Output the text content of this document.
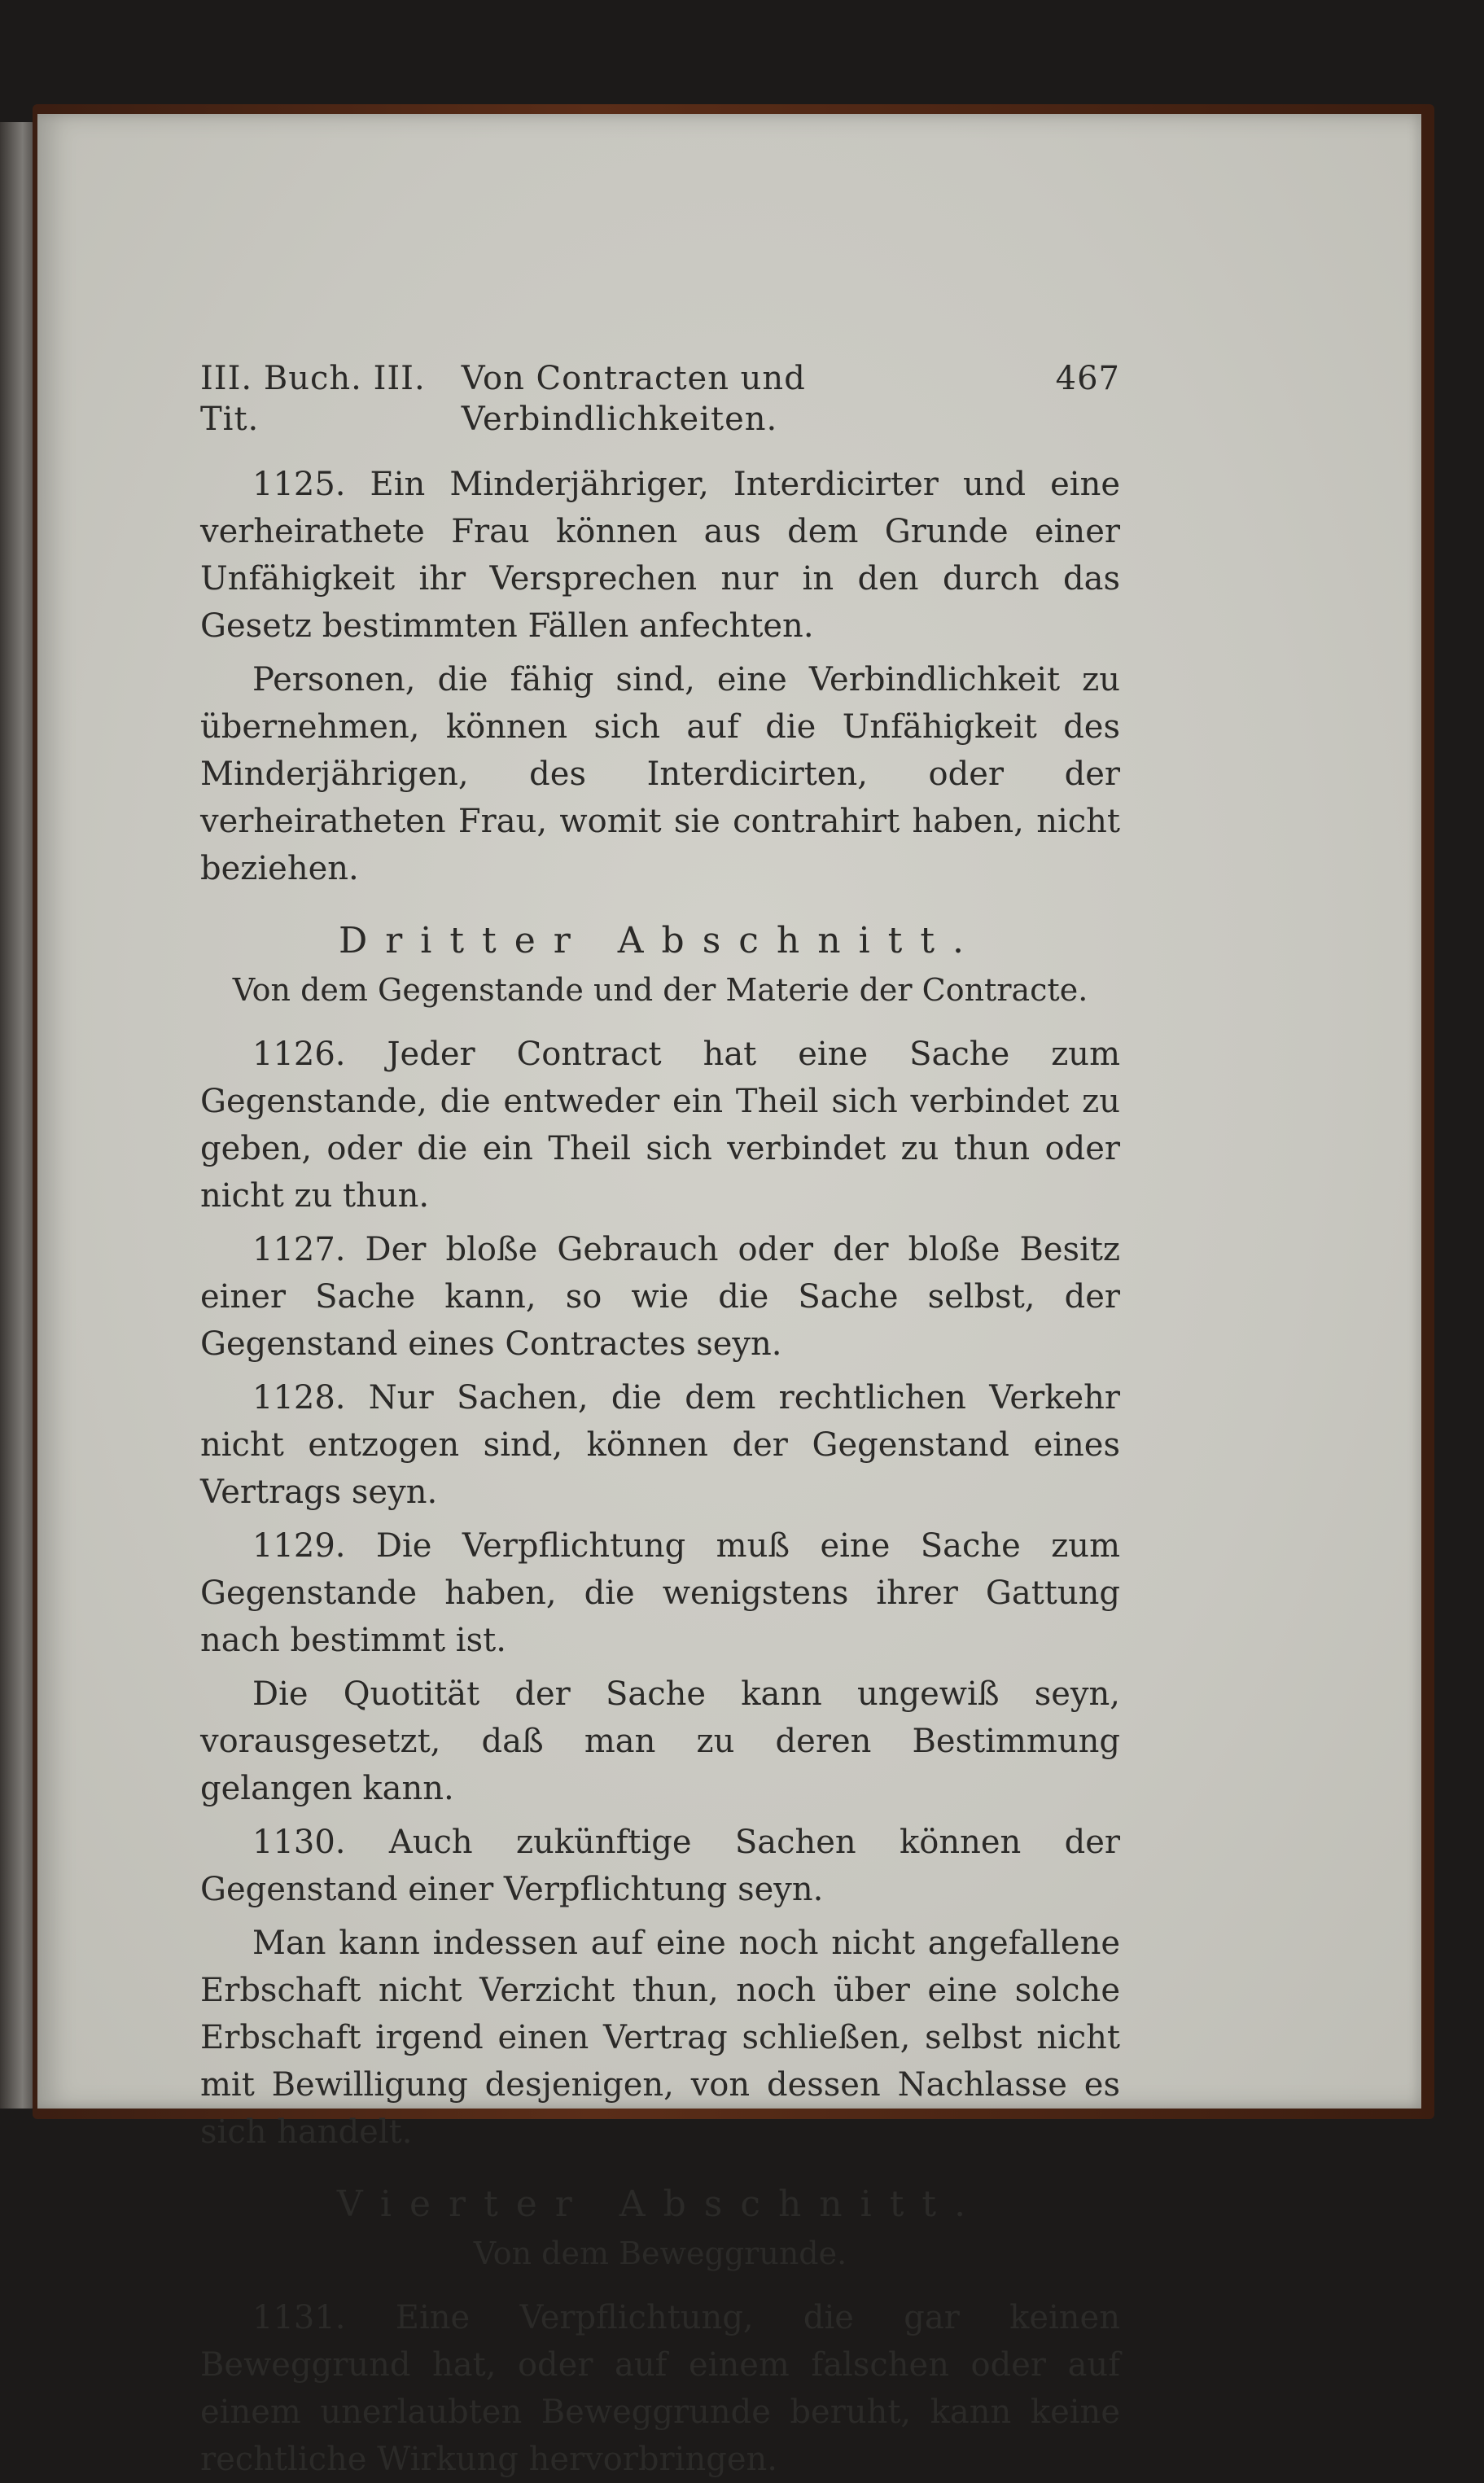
III. Buch. III. Tit.
Von Contracten und Verbindlichkeiten.
467

1125. Ein Minderjähriger, Interdicirter und eine verheirathete Frau können aus dem Grunde einer Unfähigkeit ihr Versprechen nur in den durch das Gesetz bestimmten Fällen anfechten.

Personen, die fähig sind, eine Verbindlichkeit zu übernehmen, können sich auf die Unfähigkeit des Minderjährigen, des Interdicirten, oder der verheiratheten Frau, womit sie contrahirt haben, nicht beziehen.

Dritter Abschnitt.
Von dem Gegenstande und der Materie der Contracte.

1126. Jeder Contract hat eine Sache zum Gegenstande, die entweder ein Theil sich verbindet zu geben, oder die ein Theil sich verbindet zu thun oder nicht zu thun.

1127. Der bloße Gebrauch oder der bloße Besitz einer Sache kann, so wie die Sache selbst, der Gegenstand eines Contractes seyn.

1128. Nur Sachen, die dem rechtlichen Verkehr nicht entzogen sind, können der Gegenstand eines Vertrags seyn.

1129. Die Verpflichtung muß eine Sache zum Gegenstande haben, die wenigstens ihrer Gattung nach bestimmt ist.

Die Quotität der Sache kann ungewiß seyn, vorausgesetzt, daß man zu deren Bestimmung gelangen kann.

1130. Auch zukünftige Sachen können der Gegenstand einer Verpflichtung seyn.

Man kann indessen auf eine noch nicht angefallene Erbschaft nicht Verzicht thun, noch über eine solche Erbschaft irgend einen Vertrag schließen, selbst nicht mit Bewilligung desjenigen, von dessen Nachlasse es sich handelt.

Vierter Abschnitt.
Von dem Beweggrunde.

1131. Eine Verpflichtung, die gar keinen Beweggrund hat, oder auf einem falschen oder auf einem unerlaubten Beweggrunde beruht, kann keine rechtliche Wirkung hervorbringen.
